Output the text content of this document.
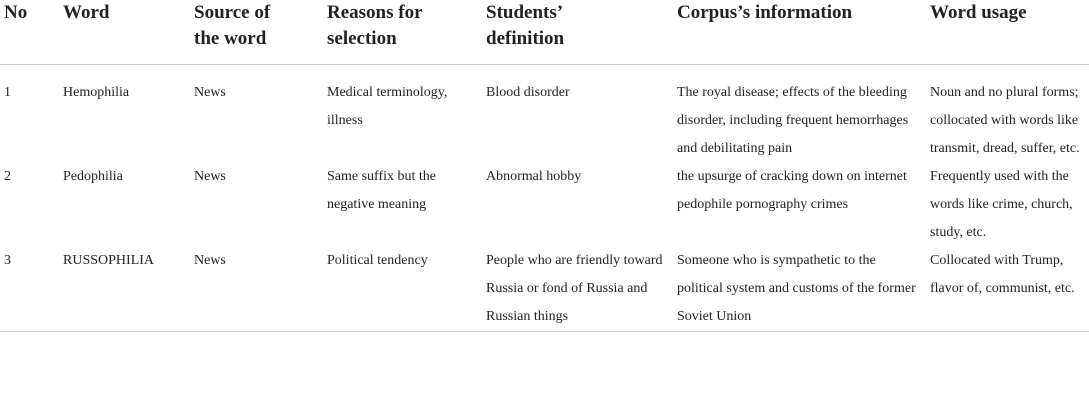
No	Word	Source of the word	Reasons for selection	Students’ definition	Corpus’s information	Word usage
1	Hemophilia	News	Medical terminology, illness	Blood disorder	The royal disease; effects of the bleeding disorder, including frequent hemorrhages and debilitating pain	Noun and no plural forms; collocated with words like transmit, dread, suffer, etc.
2	Pedophilia	News	Same suffix but the negative meaning	Abnormal hobby	the upsurge of cracking down on internet pedophile pornography crimes	Frequently used with the words like crime, church, study, etc.
3	RUSSOPHILIA	News	Political tendency	People who are friendly toward Russia or fond of Russia and Russian things	Someone who is sympathetic to the political system and customs of the former Soviet Union	Collocated with Trump, flavor of, communist, etc.
